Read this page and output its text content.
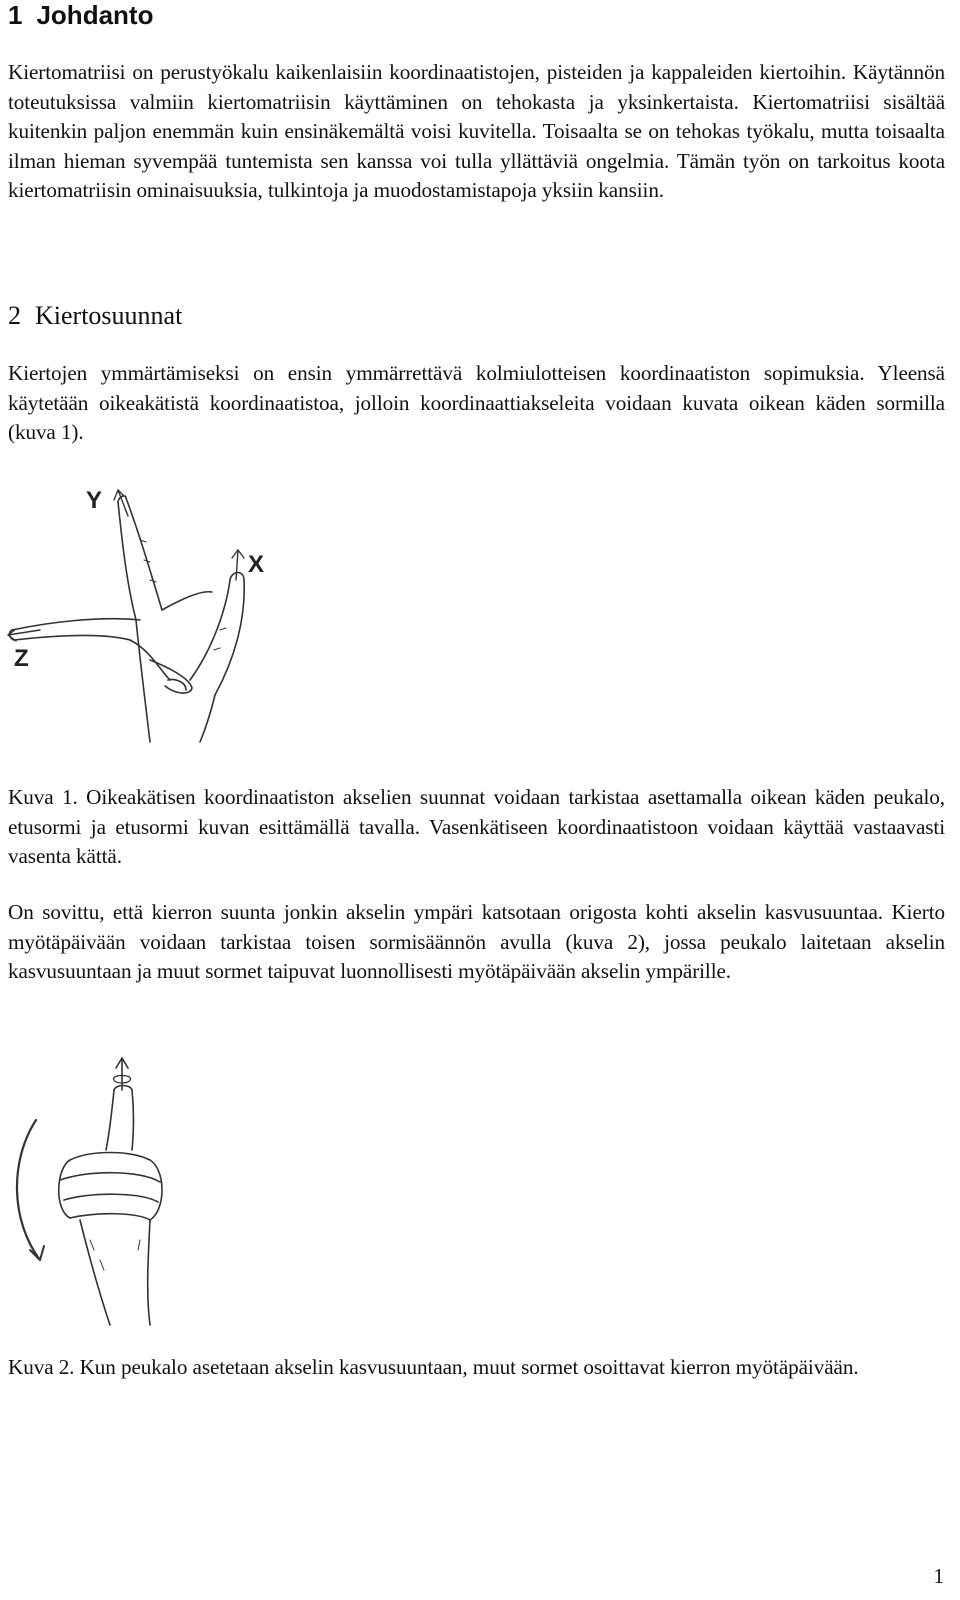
1 Johdanto

Kiertomatriisi on perustyökalu kaikenlaisiin koordinaatistojen, pisteiden ja kappaleiden kiertoihin. Käytännön toteutuksissa valmiin kiertomatriisin käyttäminen on tehokasta ja yksinkertaista. Kiertomatriisi sisältää kuitenkin paljon enemmän kuin ensinäkemältä voisi kuvitella. Toisaalta se on tehokas työkalu, mutta toisaalta ilman hieman syvempää tuntemista sen kanssa voi tulla yllättäviä ongelmia. Tämän työn on tarkoitus koota kiertomatriisin ominaisuuksia, tulkintoja ja muodostamistapoja yksiin kansiin.

2 Kiertosuunnat

Kiertojen ymmärtämiseksi on ensin ymmärrettävä kolmiulotteisen koordinaatiston sopimuksia. Yleensä käytetään oikeakätistä koordinaatistoa, jolloin koordinaattiakseleita voidaan kuvata oikean käden sormilla (kuva 1).

Y
X
Z

Kuva 1. Oikeakätisen koordinaatiston akselien suunnat voidaan tarkistaa asettamalla oikean käden peukalo, etusormi ja etusormi kuvan esittämällä tavalla. Vasenkätiseen koordinaatistoon voidaan käyttää vastaavasti vasenta kättä.

On sovittu, että kierron suunta jonkin akselin ympäri katsotaan origosta kohti akselin kasvusuuntaa. Kierto myötäpäivään voidaan tarkistaa toisen sormisäännön avulla (kuva 2), jossa peukalo laitetaan akselin kasvusuuntaan ja muut sormet taipuvat luonnollisesti myötäpäivään akselin ympärille.

Kuva 2. Kun peukalo asetetaan akselin kasvusuuntaan, muut sormet osoittavat kierron myötäpäivään.

1
